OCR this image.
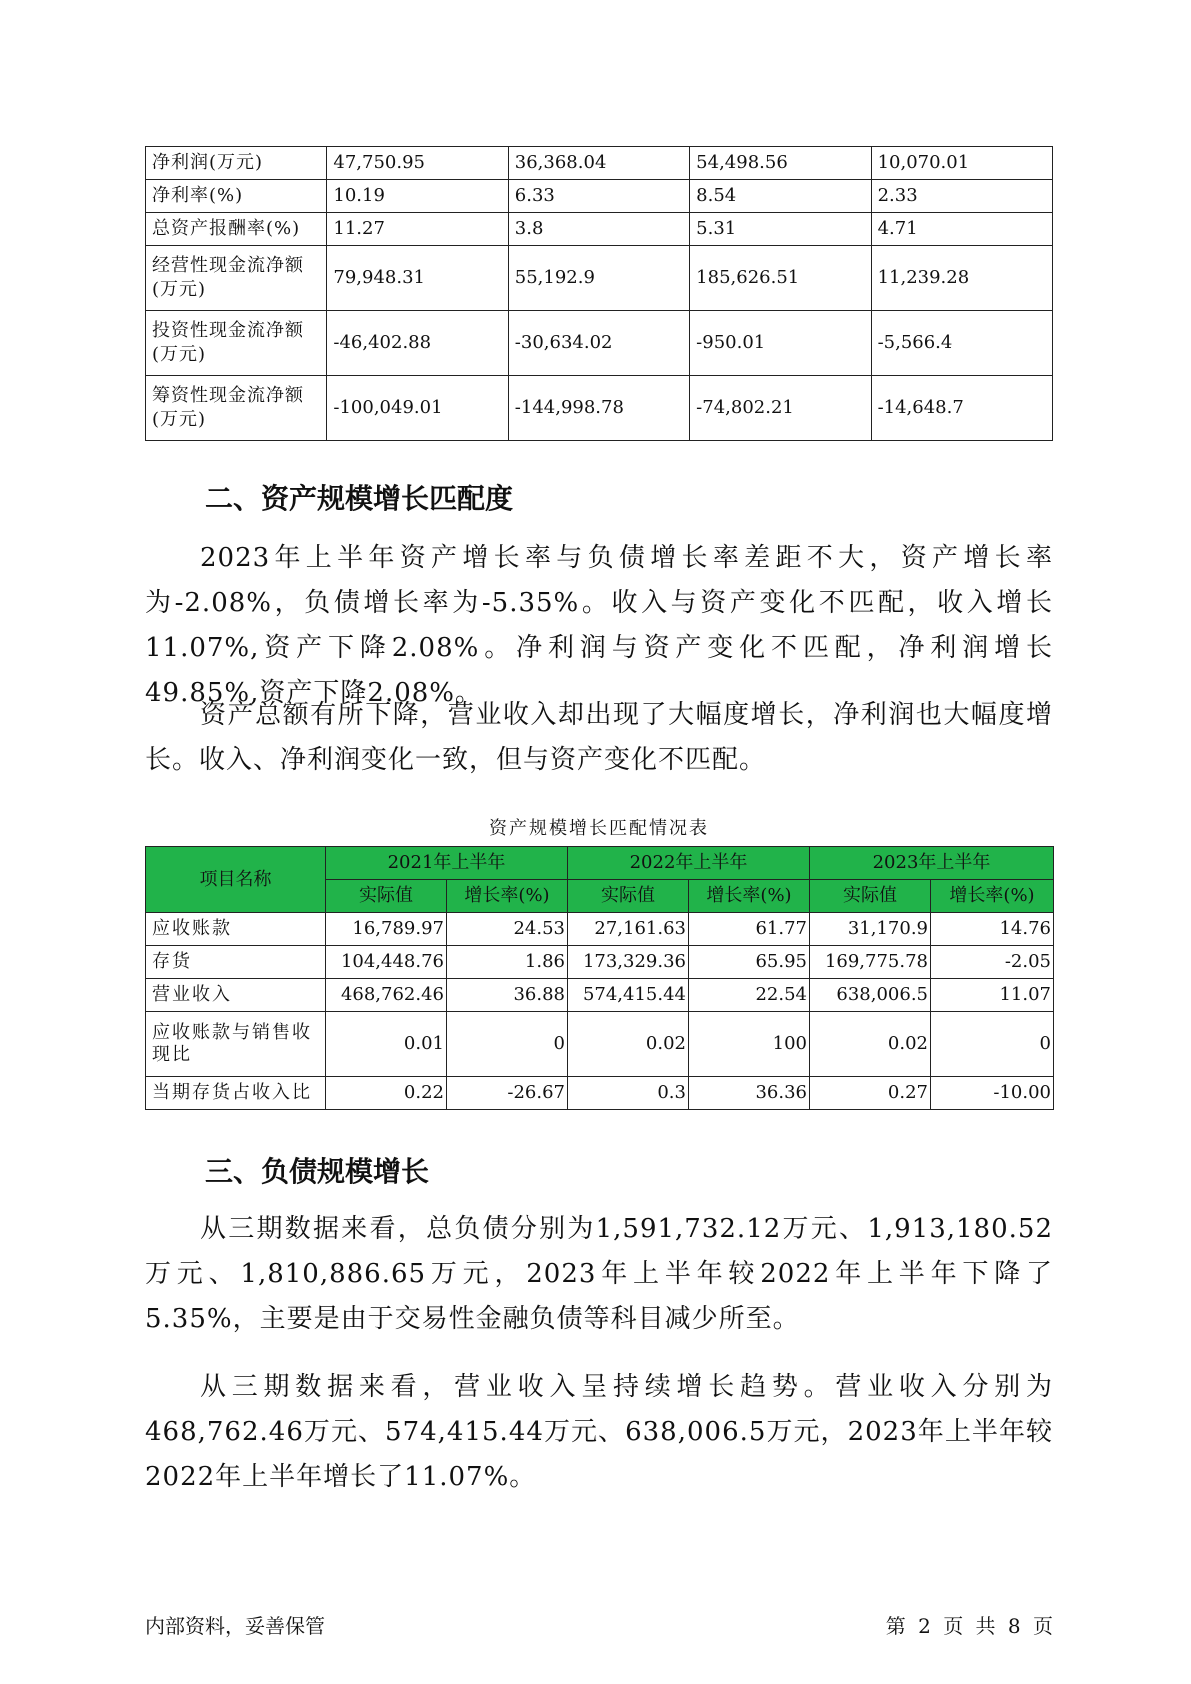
净利润(万元)	47,750.95	36,368.04	54,498.56	10,070.01
净利率(%)	10.19	6.33	8.54	2.33
总资产报酬率(%)	11.27	3.8	5.31	4.71
经营性现金流净额(万元)	79,948.31	55,192.9	185,626.51	11,239.28
投资性现金流净额(万元)	-46,402.88	-30,634.02	-950.01	-5,566.4
筹资性现金流净额(万元)	-100,049.01	-144,998.78	-74,802.21	-14,648.7
二、资产规模增长匹配度

2023年上半年资产增长率与负债增长率差距不大，资产增长率为-2.08%，负债增长率为-5.35%。收入与资产变化不匹配，收入增长11.07%,资产下降2.08%。净利润与资产变化不匹配，净利润增长49.85%,资产下降2.08%。

资产总额有所下降，营业收入却出现了大幅度增长，净利润也大幅度增长。收入、净利润变化一致，但与资产变化不匹配。

资产规模增长匹配情况表
项目名称	2021年上半年		2022年上半年		2023年上半年	
	实际值	增长率(%)	实际值	增长率(%)	实际值	增长率(%)
应收账款	16,789.97	24.53	27,161.63	61.77	31,170.9	14.76
存货	104,448.76	1.86	173,329.36	65.95	169,775.78	-2.05
营业收入	468,762.46	36.88	574,415.44	22.54	638,006.5	11.07
应收账款与销售收现比	0.01	0	0.02	100	0.02	0
当期存货占收入比	0.22	-26.67	0.3	36.36	0.27	-10.00
三、负债规模增长

从三期数据来看，总负债分别为1,591,732.12万元、1,913,180.52万元、1,810,886.65万元，2023年上半年较2022年上半年下降了5.35%，主要是由于交易性金融负债等科目减少所至。

从三期数据来看，营业收入呈持续增长趋势。营业收入分别为468,762.46万元、574,415.44万元、638,006.5万元，2023年上半年较2022年上半年增长了11.07%。

内部资料，妥善保管	第 2 页 共 8 页
